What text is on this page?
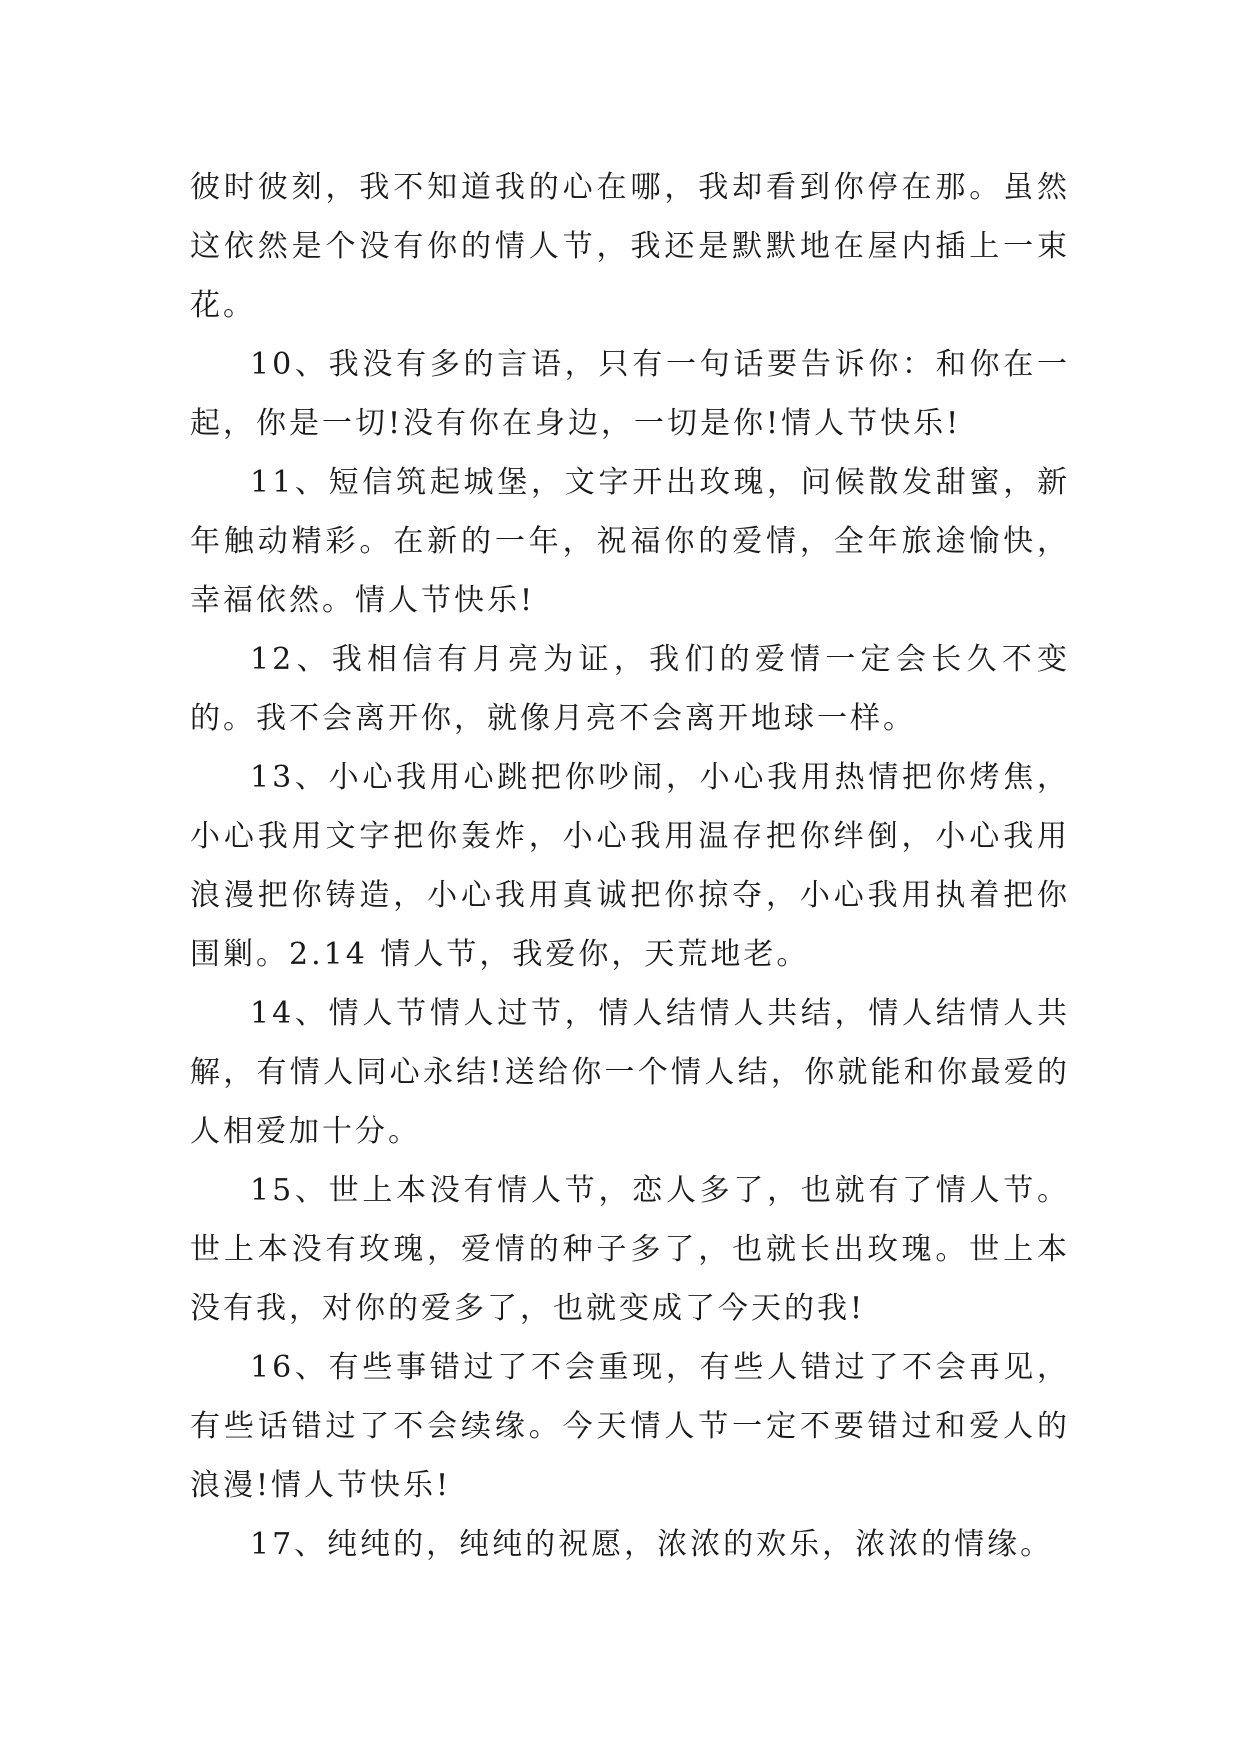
彼时彼刻，我不知道我的心在哪，我却看到你停在那。虽然这依然是个没有你的情人节，我还是默默地在屋内插上一束花。

10、我没有多的言语，只有一句话要告诉你：和你在一起，你是一切!没有你在身边，一切是你!情人节快乐!

11、短信筑起城堡，文字开出玫瑰，问候散发甜蜜，新年触动精彩。在新的一年，祝福你的爱情，全年旅途愉快，幸福依然。情人节快乐!

12、我相信有月亮为证，我们的爱情一定会长久不变的。我不会离开你，就像月亮不会离开地球一样。

13、小心我用心跳把你吵闹，小心我用热情把你烤焦，小心我用文字把你轰炸，小心我用温存把你绊倒，小心我用浪漫把你铸造，小心我用真诚把你掠夺，小心我用执着把你围剿。2.14 情人节，我爱你，天荒地老。

14、情人节情人过节，情人结情人共结，情人结情人共解，有情人同心永结!送给你一个情人结，你就能和你最爱的人相爱加十分。

15、世上本没有情人节，恋人多了，也就有了情人节。世上本没有玫瑰，爱情的种子多了，也就长出玫瑰。世上本没有我，对你的爱多了，也就变成了今天的我!

16、有些事错过了不会重现，有些人错过了不会再见，有些话错过了不会续缘。今天情人节一定不要错过和爱人的浪漫!情人节快乐!

17、纯纯的，纯纯的祝愿，浓浓的欢乐，浓浓的情缘。
